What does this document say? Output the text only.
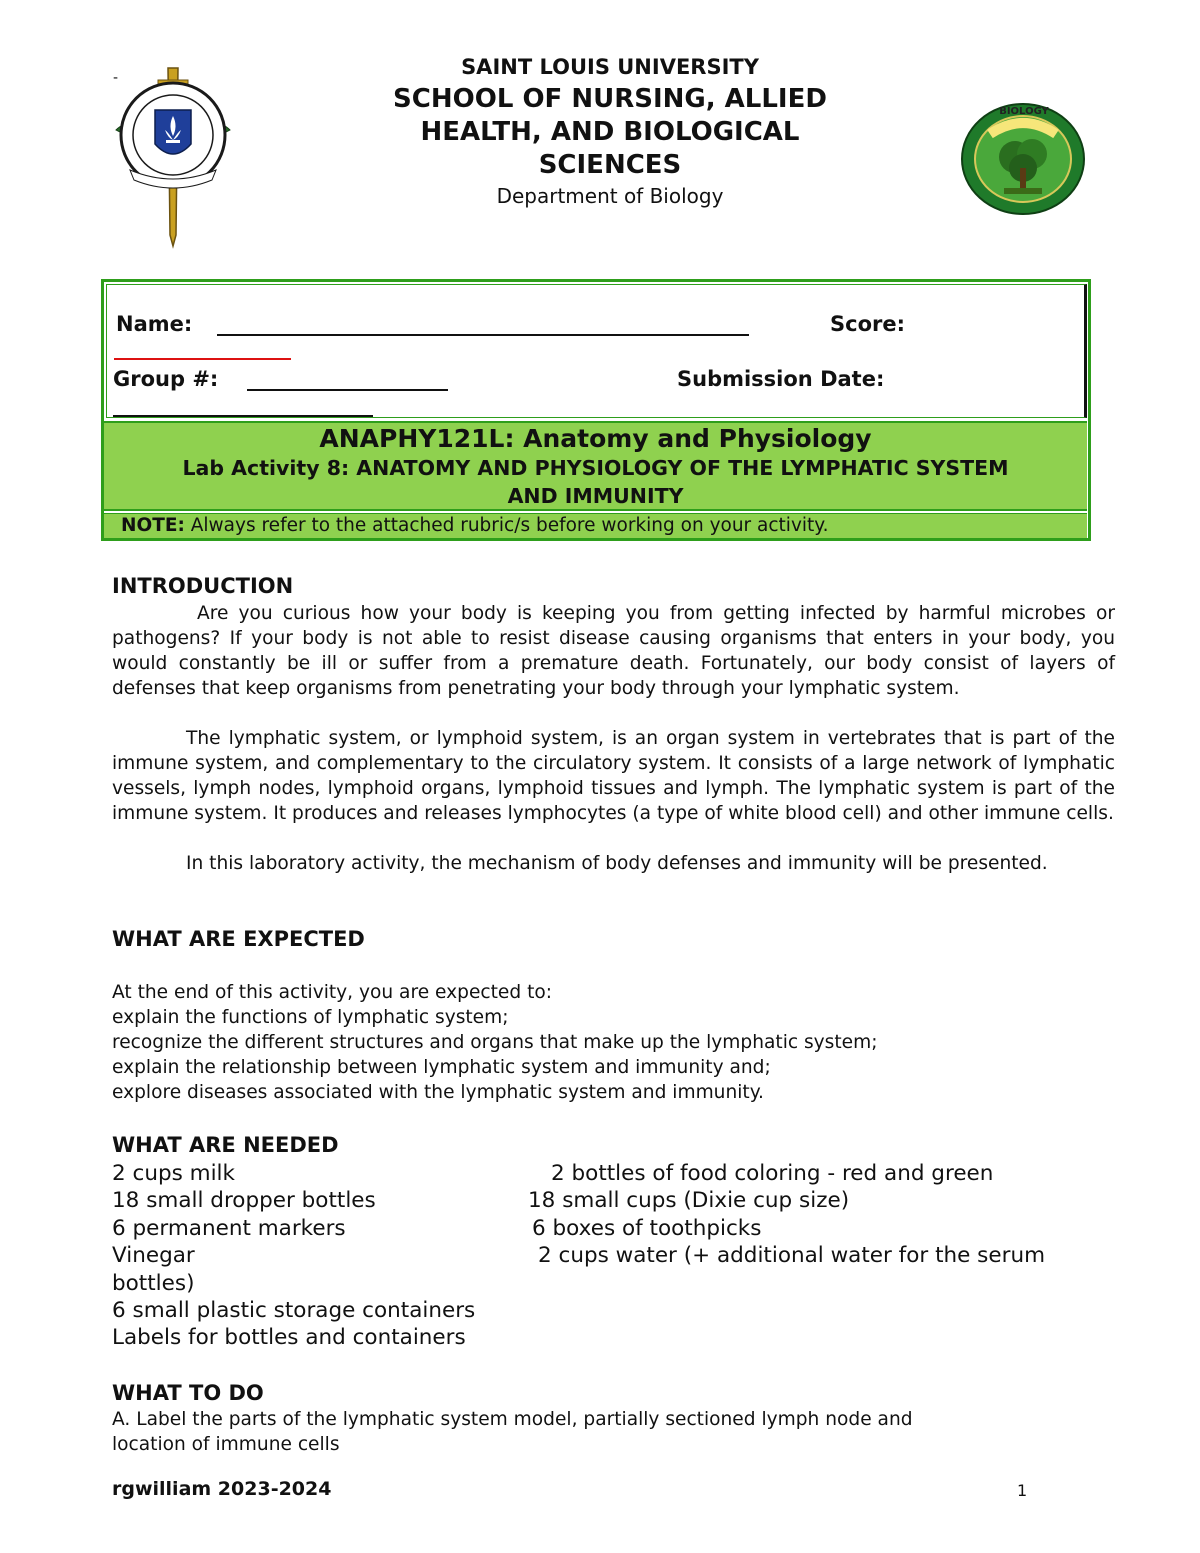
-
BIOLOGY
SAINT LOUIS UNIVERSITY
SCHOOL OF NURSING, ALLIED
HEALTH, AND BIOLOGICAL
SCIENCES
Department of Biology
Name:	Score:
Group #:	Submission Date:
ANAPHY121L: Anatomy and Physiology
Lab Activity 8: ANATOMY AND PHYSIOLOGY OF THE LYMPHATIC SYSTEM
AND IMMUNITY
NOTE: Always refer to the attached rubric/s before working on your activity.
INTRODUCTION

Are you curious how your body is keeping you from getting infected by harmful microbes or pathogens? If your body is not able to resist disease causing organisms that enters in your body, you would constantly be ill or suffer from a premature death. Fortunately, our body consist of layers of defenses that keep organisms from penetrating your body through your lymphatic system.

The lymphatic system, or lymphoid system, is an organ system in vertebrates that is part of the immune system, and complementary to the circulatory system. It consists of a large network of lymphatic vessels, lymph nodes, lymphoid organs, lymphoid tissues and lymph. The lymphatic system is part of the immune system. It produces and releases lymphocytes (a type of white blood cell) and other immune cells.

In this laboratory activity, the mechanism of body defenses and immunity will be presented.

WHAT ARE EXPECTED
At the end of this activity, you are expected to:
explain the functions of lymphatic system;
recognize the different structures and organs that make up the lymphatic system;
explain the relationship between lymphatic system and immunity and;
explore diseases associated with the lymphatic system and immunity.
WHAT ARE NEEDED
2 cups milk
18 small dropper bottles
6 permanent markers
Vinegar
bottles)
6 small plastic storage containers
Labels for bottles and containers
2 bottles of food coloring - red and green
18 small cups (Dixie cup size)
6 boxes of toothpicks
2 cups water (+ additional water for the serum
WHAT TO DO
A. Label the parts of the lymphatic system model, partially sectioned lymph node and
location of immune cells
rgwilliam 2023-2024	1
